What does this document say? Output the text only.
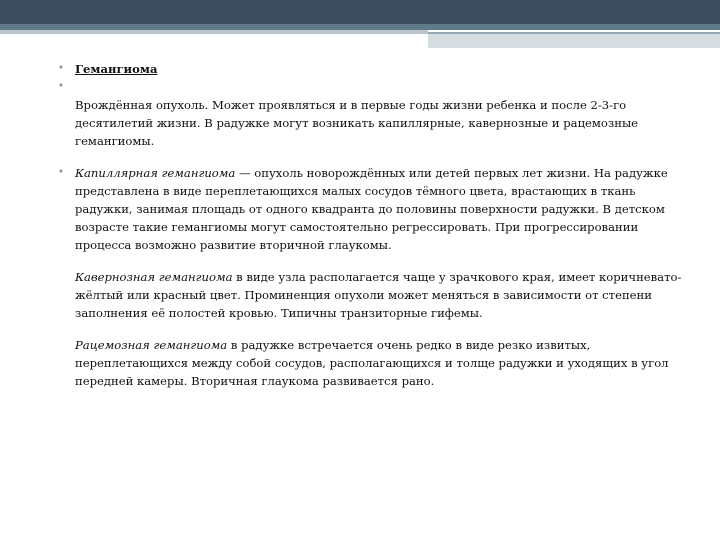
• Гемангиома
•

Врождённая опухоль. Может проявляться и в первые годы жизни ребенка и после 2-3-го десятилетий жизни. В радужке могут возникать капиллярные, кавернозные и рацемозные гемангиомы.

• Капиллярная гемангиома — опухоль новорождённых или детей первых лет жизни. На радужке представлена в виде переплетающихся малых сосудов тёмного цвета, врастающих в ткань радужки, занимая площадь от одного квадранта до половины поверхности радужки. В детском возрасте такие гемангиомы могут самостоятельно регрессировать. При прогрессировании процесса возможно развитие вторичной глаукомы.

Кавернозная гемангиома в виде узла располагается чаще у зрачкового края, имеет коричневато-жёлтый или красный цвет. Проминенция опухоли может меняться в зависимости от степени заполнения её полостей кровью. Типичны транзиторные гифемы.

Рацемозная гемангиома в радужке встречается очень редко в виде резко извитых, переплетающихся между собой сосудов, располагающихся и толще радужки и уходящих в угол передней камеры. Вторичная глаукома развивается рано.
